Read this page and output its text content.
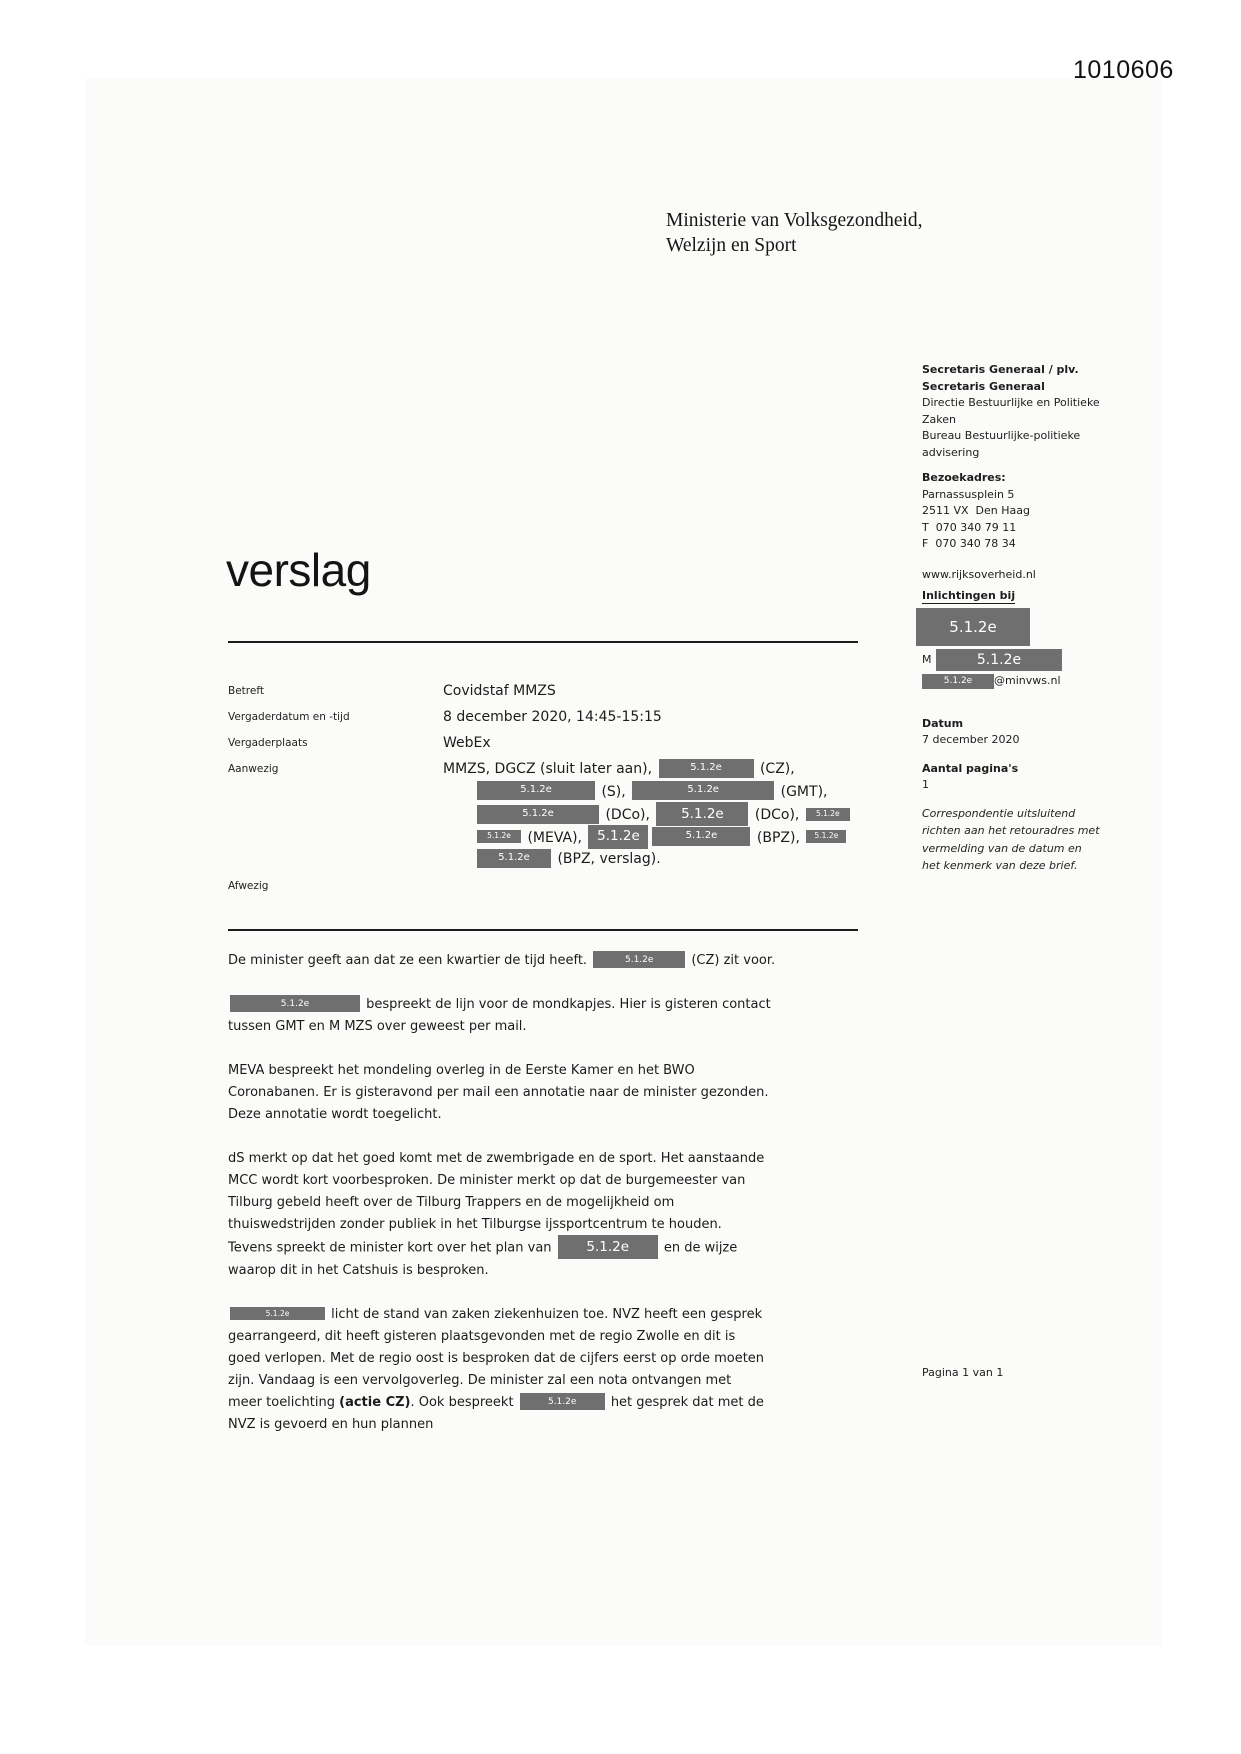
1010606
Ministerie van Volksgezondheid,
Welzijn en Sport
Secretaris Generaal / plv. Secretaris Generaal
Directie Bestuurlijke en Politieke Zaken
Bureau Bestuurlijke-politieke advisering
Bezoekadres:
Parnassusplein 5
2511 VX  Den Haag
T  070 340 79 11
F  070 340 78 34
www.rijksoverheid.nl
Inlichtingen bij
5.1.2e
M	5.1.2e
5.1.2e	@minvws.nl
Datum
7 december 2020
Aantal pagina's
1
Correspondentie uitsluitend richten aan het retouradres met vermelding van de datum en het kenmerk van deze brief.
verslag
Betreft	Covidstaf MMZS
Vergaderdatum en -tijd	8 december 2020, 14:45-15:15
Vergaderplaats	WebEx
Aanwezig	MMZS, DGCZ (sluit later aan),	5.1.2e (CZ),
5.1.2e	(S),	5.1.2e	(GMT),
5.1.2e	(DCo), 5.1.2e (DCo), 5.1.2e
5.1.2e (MEVA), 5.1.2e	5.1.2e	(BPZ), 5.1.2e
5.1.2e (BPZ, verslag).
Afwezig

De minister geeft aan dat ze een kwartier de tijd heeft.	5.1.2e	(CZ) zit voor.

5.1.2e	bespreekt de lijn voor de mondkapjes. Hier is gisteren contact
tussen GMT en M MZS over geweest per mail.

MEVA bespreekt het mondeling overleg in de Eerste Kamer en het BWO
Coronabanen. Er is gisteravond per mail een annotatie naar de minister gezonden.
Deze annotatie wordt toegelicht.

dS merkt op dat het goed komt met de zwembrigade en de sport. Het aanstaande
MCC wordt kort voorbesproken. De minister merkt op dat de burgemeester van
Tilburg gebeld heeft over de Tilburg Trappers en de mogelijkheid om
thuiswedstrijden zonder publiek in het Tilburgse ijssportcentrum te houden.
Tevens spreekt de minister kort over het plan van 5.1.2e en de wijze
waarop dit in het Catshuis is besproken.

5.1.2e	licht de stand van zaken ziekenhuizen toe. NVZ heeft een gesprek
gearrangeerd, dit heeft gisteren plaatsgevonden met de regio Zwolle en dit is
goed verlopen. Met de regio oost is besproken dat de cijfers eerst op orde moeten
zijn. Vandaag is een vervolgoverleg. De minister zal een nota ontvangen met
meer toelichting (actie CZ). Ook bespreekt	5.1.2e het gesprek dat met de
NVZ is gevoerd en hun plannen

Pagina 1 van 1
